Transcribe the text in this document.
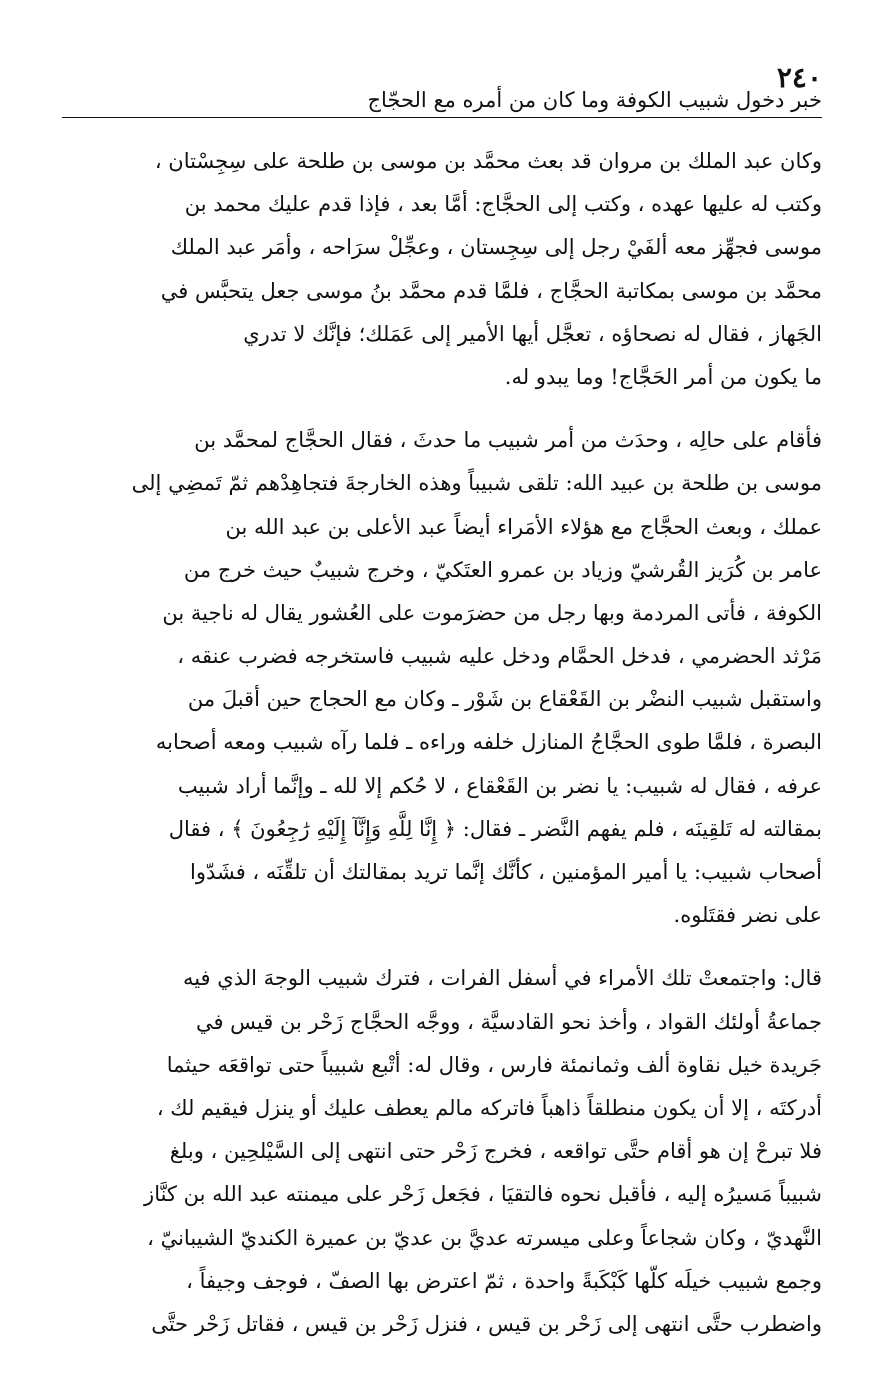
٢٤٠
خبر دخول شبيب الكوفة وما كان من أمره مع الحجّاج

وكان عبد الملك بن مروان قد بعث محمَّد بن موسى بن طلحة على سِجِسْتان ،
وكتب له عليها عهده ، وكتب إلى الحجَّاج: أمَّا بعد ، فإذا قدم عليك محمد بن
موسى فجهِّز معه ألفَيْ رجل إلى سِجِستان ، وعجِّلْ سرَاحه ، وأمَر عبد الملك
محمَّد بن موسى بمكاتبة الحجَّاج ، فلمَّا قدم محمَّد بنُ موسى جعل يتحبَّس في
الجَهاز ، فقال له نصحاؤه ، تعجَّل أيها الأمير إلى عَمَلك؛ فإنَّك لا تدري
ما يكون من أمر الحَجَّاج! وما يبدو له.

فأقام على حالِه ، وحدَث من أمر شبيب ما حدثَ ، فقال الحجَّاج لمحمَّد بن
موسى بن طلحة بن عبيد الله: تلقى شبيباً وهذه الخارجةَ فتجاهِدْهم ثمّ تَمضِي إلى
عملك ، وبعث الحجَّاج مع هؤلاء الأمَراء أيضاً عبد الأعلى بن عبد الله بن
عامر بن كُرَيز القُرشيّ وزياد بن عمرو العتَكيّ ، وخرج شبيبٌ حيث خرج من
الكوفة ، فأتى المردمة وبها رجل من حضرَموت على العُشور يقال له ناجية بن
مَرْثد الحضرمي ، فدخل الحمَّام ودخل عليه شبيب فاستخرجه فضرب عنقه ،
واستقبل شبيب النضْر بن القَعْقاع بن شَوْر ـ وكان مع الحجاج حين أقبلَ من
البصرة ، فلمَّا طوى الحجَّاجُ المنازل خلفه وراءه ـ فلما رآه شبيب ومعه أصحابه
عرفه ، فقال له شبيب: يا نضر بن القَعْقاع ، لا حُكم إلا لله ـ وإنَّما أراد شبيب
بمقالته له تَلقِينَه ، فلم يفهم النَّضر ـ فقال: ﴿ إِنَّا لِلَّهِ وَإِنَّآ إِلَيْهِ رَٰجِعُونَ ﴾ ، فقال
أصحاب شبيب: يا أمير المؤمنين ، كأنَّك إنَّما تريد بمقالتك أن تلقِّنَه ، فشَدّوا
على نضر فقتَلوه.

قال: واجتمعتْ تلك الأمراء في أسفل الفرات ، فترك شبيب الوجهَ الذي فيه
جماعةُ أولئك القواد ، وأخذ نحو القادسيَّة ، ووجَّه الحجَّاج زَحْر بن قيس في
جَريدة خيل نقاوة ألف وثمانمئة فارس ، وقال له: أتْبع شبيباً حتى تواقعَه حيثما
أدركتَه ، إلا أن يكون منطلقاً ذاهباً فاتركه مالم يعطف عليك أو ينزل فيقيم لك ،
فلا تبرحْ إن هو أقام حتَّى تواقعه ، فخرج زَحْر حتى انتهى إلى السَّيْلحِين ، وبلغ
شبيباً مَسيرُه إليه ، فأقبل نحوه فالتقيَا ، فجَعل زَحْر على ميمنته عبد الله بن كنَّاز
النَّهديّ ، وكان شجاعاً وعلى ميسرته عديَّ بن عديّ بن عميرة الكنديّ الشيبانيّ ،
وجمع شبيب خيلَه كلّها كَبْكَبةً واحدة ، ثمّ اعترض بها الصفّ ، فوجف وجيفاً ،
واضطرب حتَّى انتهى إلى زَحْر بن قيس ، فنزل زَحْر بن قيس ، فقاتل زَحْر حتَّى
